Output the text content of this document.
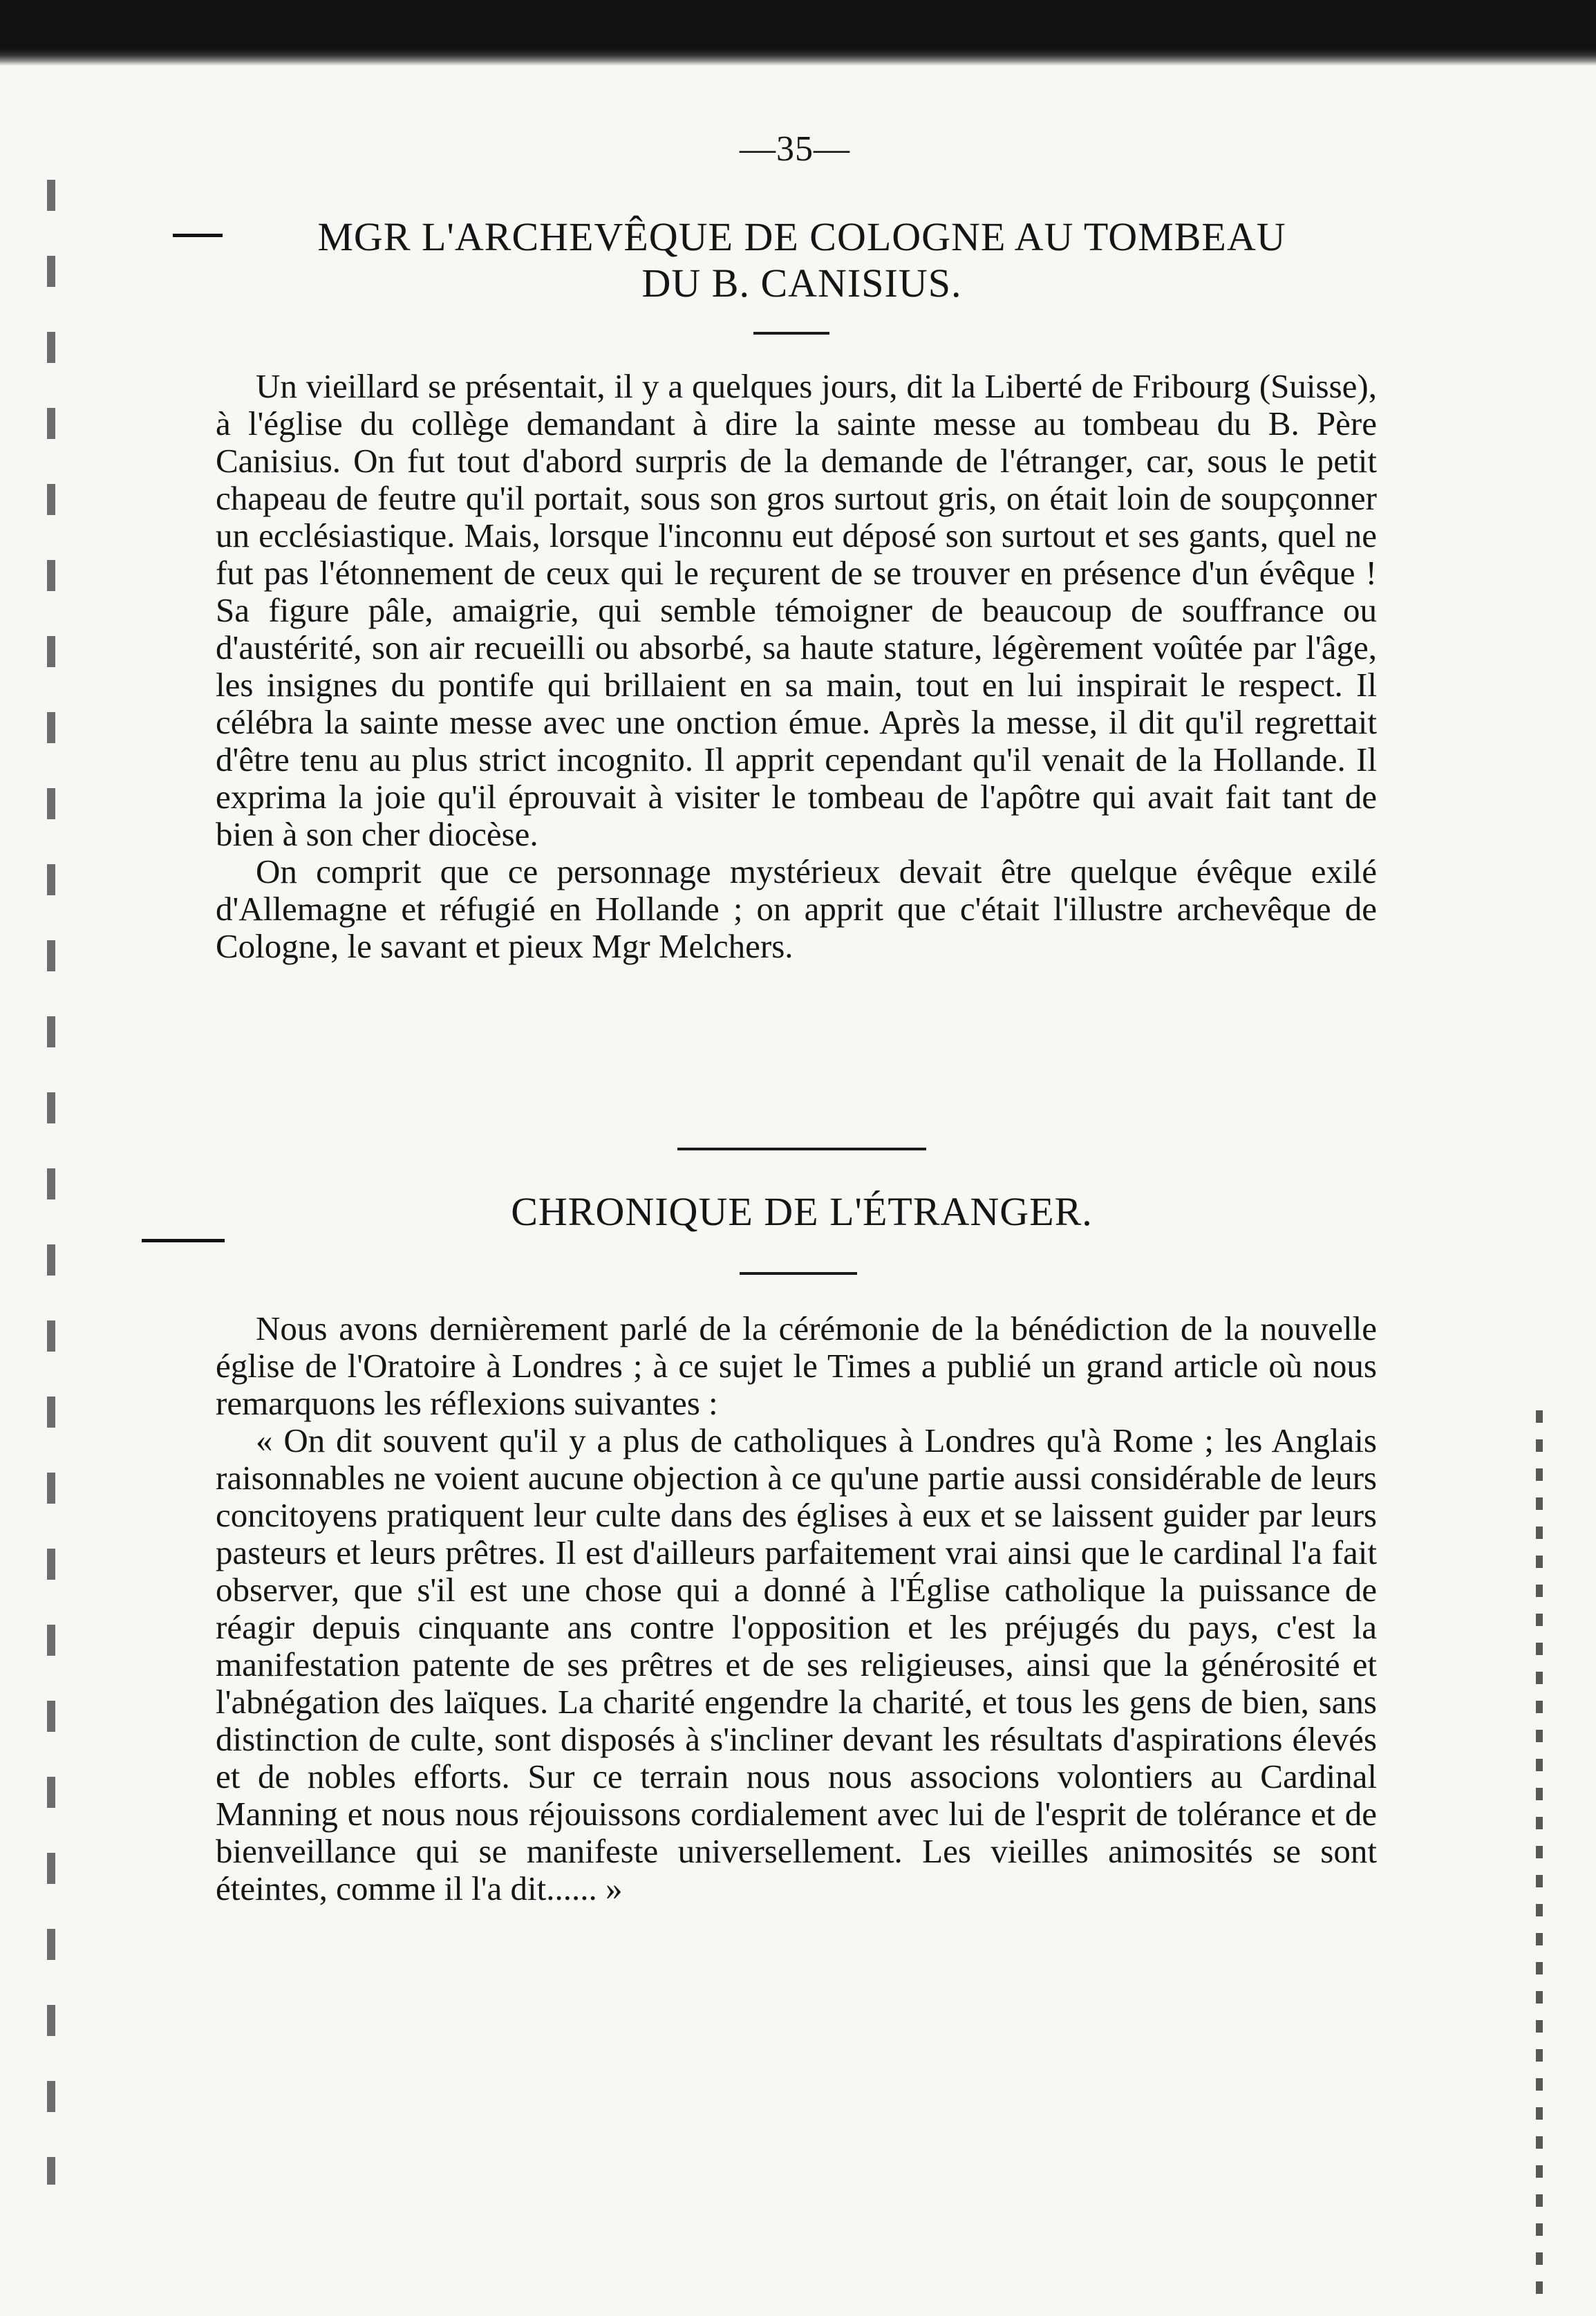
—35—
MGR L'ARCHEVÊQUE DE COLOGNE AU TOMBEAU
DU B. CANISIUS.

Un vieillard se présentait, il y a quelques jours, dit la Liberté de Fribourg (Suisse), à l'église du collège demandant à dire la sainte messe au tombeau du B. Père Canisius. On fut tout d'abord surpris de la demande de l'étranger, car, sous le petit chapeau de feutre qu'il portait, sous son gros surtout gris, on était loin de soupçonner un ecclésiastique. Mais, lorsque l'inconnu eut déposé son surtout et ses gants, quel ne fut pas l'étonnement de ceux qui le reçurent de se trouver en présence d'un évêque ! Sa figure pâle, amaigrie, qui semble témoigner de beaucoup de souffrance ou d'austérité, son air recueilli ou absorbé, sa haute stature, légèrement voûtée par l'âge, les insignes du pontife qui brillaient en sa main, tout en lui inspirait le respect. Il célébra la sainte messe avec une onction émue. Après la messe, il dit qu'il regrettait d'être tenu au plus strict incognito. Il apprit cependant qu'il venait de la Hollande. Il exprima la joie qu'il éprouvait à visiter le tombeau de l'apôtre qui avait fait tant de bien à son cher diocèse.

On comprit que ce personnage mystérieux devait être quelque évêque exilé d'Allemagne et réfugié en Hollande ; on apprit que c'était l'illustre archevêque de Cologne, le savant et pieux Mgr Melchers.

CHRONIQUE DE L'ÉTRANGER.

Nous avons dernièrement parlé de la cérémonie de la bénédiction de la nouvelle église de l'Oratoire à Londres ; à ce sujet le Times a publié un grand article où nous remarquons les réflexions suivantes :

« On dit souvent qu'il y a plus de catholiques à Londres qu'à Rome ; les Anglais raisonnables ne voient aucune objection à ce qu'une partie aussi considérable de leurs concitoyens pratiquent leur culte dans des églises à eux et se laissent guider par leurs pasteurs et leurs prêtres. Il est d'ailleurs parfaitement vrai ainsi que le cardinal l'a fait observer, que s'il est une chose qui a donné à l'Église catholique la puissance de réagir depuis cinquante ans contre l'opposition et les préjugés du pays, c'est la manifestation patente de ses prêtres et de ses religieuses, ainsi que la générosité et l'abnégation des laïques. La charité engendre la charité, et tous les gens de bien, sans distinction de culte, sont disposés à s'incliner devant les résultats d'aspirations élevés et de nobles efforts. Sur ce terrain nous nous associons volontiers au Cardinal Manning et nous nous réjouissons cordialement avec lui de l'esprit de tolérance et de bienveillance qui se manifeste universellement. Les vieilles animosités se sont éteintes, comme il l'a dit...... »
